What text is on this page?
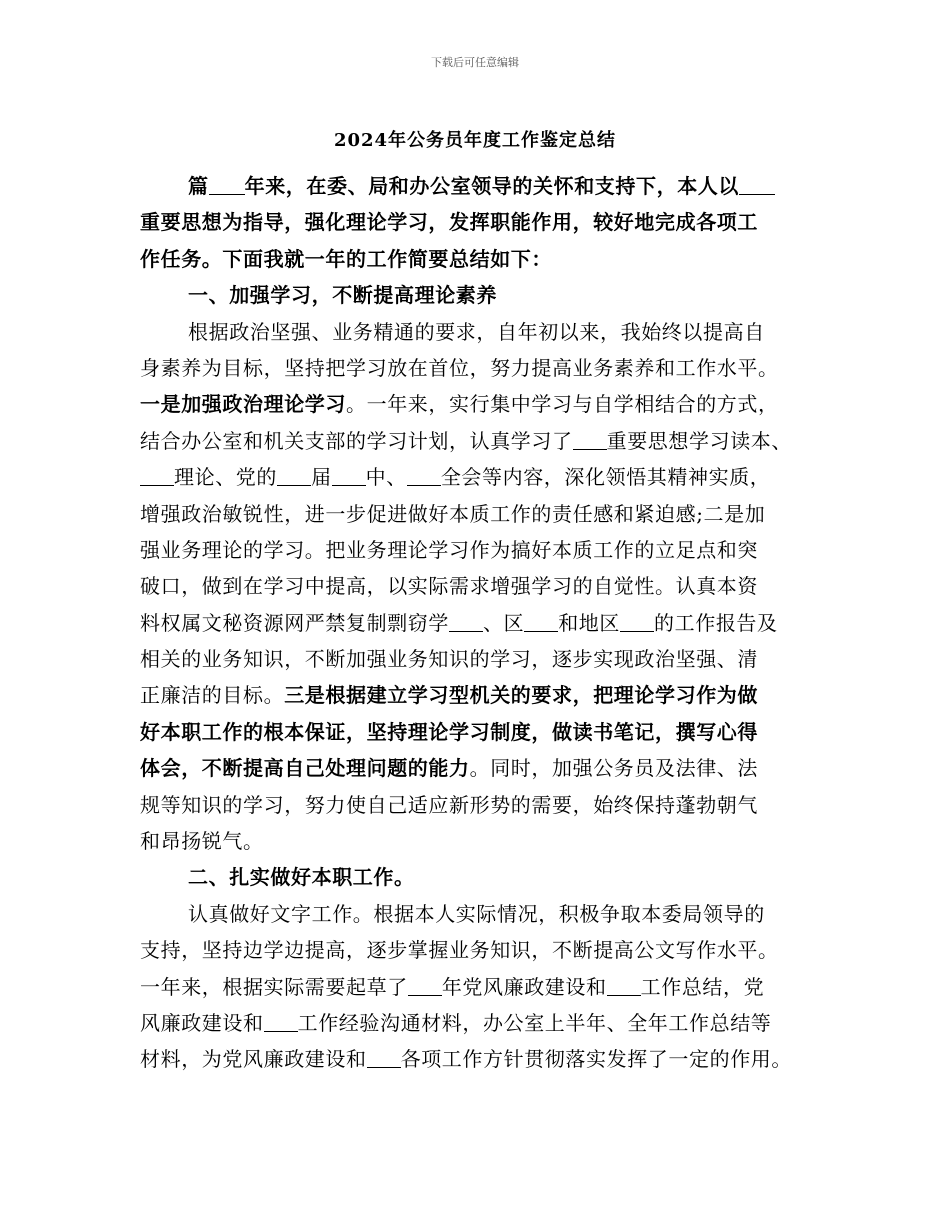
下载后可任意编辑
2024年公务员年度工作鉴定总结
篇 年来，在委、局和办公室领导的关怀和支持下，本人以
重要思想为指导，强化理论学习，发挥职能作用，较好地完成各项工
作任务。下面我就一年的工作简要总结如下：
一、加强学习，不断提高理论素养
根据政治坚强、业务精通的要求，自年初以来，我始终以提高自
身素养为目标，坚持把学习放在首位，努力提高业务素养和工作水平。
一是加强政治理论学习。一年来，实行集中学习与自学相结合的方式，
结合办公室和机关支部的学习计划，认真学习了 重要思想学习读本、
理论、党的 届 中、 全会等内容，深化领悟其精神实质，
增强政治敏锐性，进一步促进做好本质工作的责任感和紧迫感;二是加
强业务理论的学习。把业务理论学习作为搞好本质工作的立足点和突
破口，做到在学习中提高，以实际需求增强学习的自觉性。认真本资
料权属文秘资源网严禁复制剽窃学 、区 和地区 的工作报告及
相关的业务知识，不断加强业务知识的学习，逐步实现政治坚强、清
正廉洁的目标。三是根据建立学习型机关的要求，把理论学习作为做
好本职工作的根本保证，坚持理论学习制度，做读书笔记，撰写心得
体会，不断提高自己处理问题的能力。同时，加强公务员及法律、法
规等知识的学习，努力使自己适应新形势的需要，始终保持蓬勃朝气
和昂扬锐气。
二、扎实做好本职工作。
认真做好文字工作。根据本人实际情况，积极争取本委局领导的
支持，坚持边学边提高，逐步掌握业务知识，不断提高公文写作水平。
一年来，根据实际需要起草了 年党风廉政建设和 工作总结，党
风廉政建设和 工作经验沟通材料，办公室上半年、全年工作总结等
材料，为党风廉政建设和 各项工作方针贯彻落实发挥了一定的作用。
